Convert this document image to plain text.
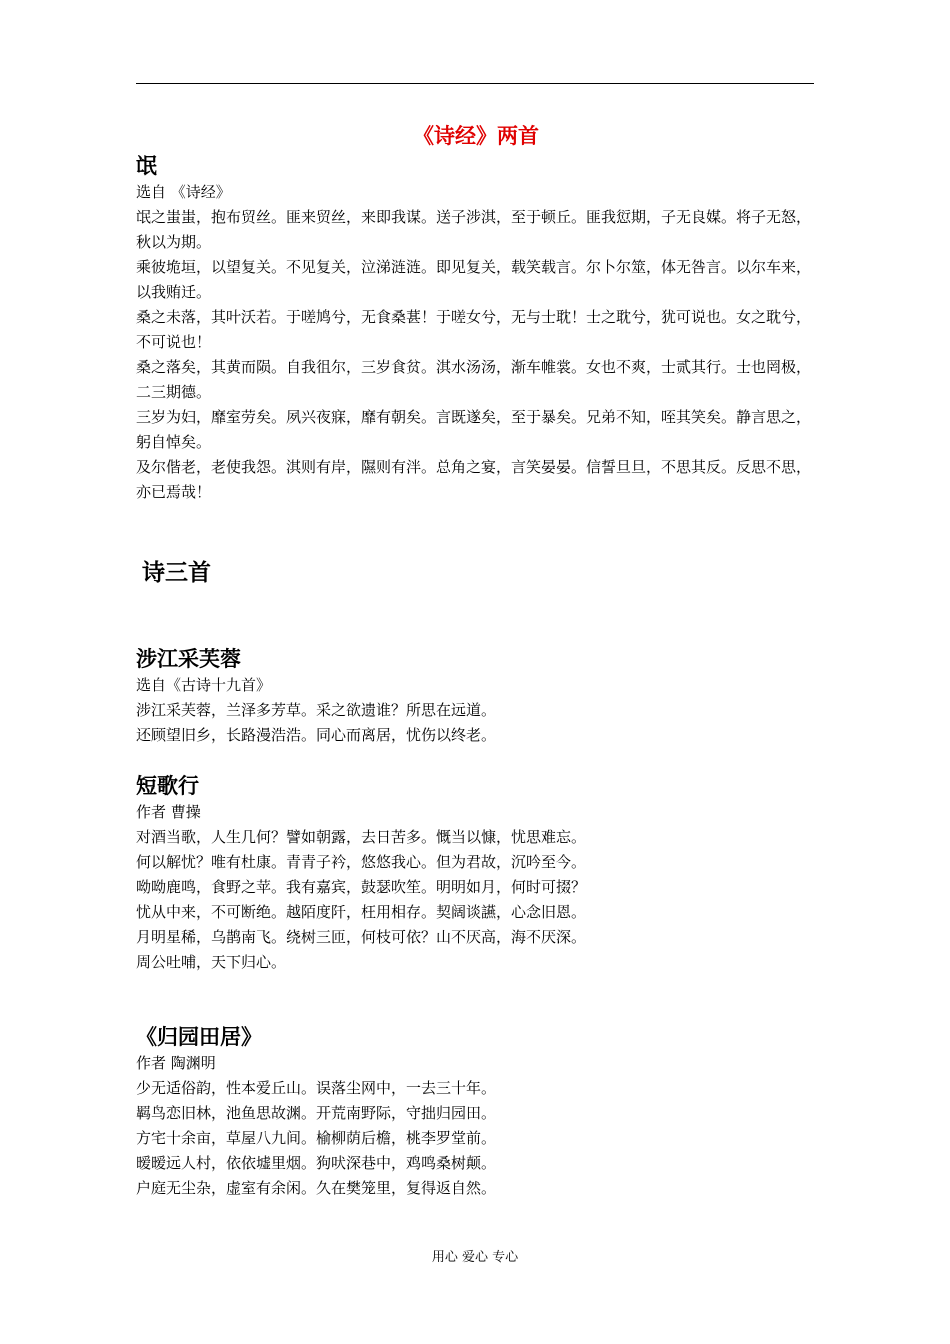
《诗经》两首
氓

选自 《诗经》

氓之蚩蚩，抱布贸丝。匪来贸丝，来即我谋。送子涉淇，至于顿丘。匪我愆期，子无良媒。将子无怒，秋以为期。

乘彼垝垣，以望复关。不见复关，泣涕涟涟。即见复关，载笑载言。尔卜尔筮，体无咎言。以尔车来，以我贿迁。

桑之未落，其叶沃若。于嗟鸠兮，无食桑葚！于嗟女兮，无与士耽！士之耽兮，犹可说也。女之耽兮，不可说也！

桑之落矣，其黄而陨。自我徂尔，三岁食贫。淇水汤汤，渐车帷裳。女也不爽，士贰其行。士也罔极，二三期德。

三岁为妇，靡室劳矣。夙兴夜寐，靡有朝矣。言既遂矣，至于暴矣。兄弟不知，咥其笑矣。静言思之，躬自悼矣。

及尔偕老，老使我怨。淇则有岸，隰则有泮。总角之宴，言笑晏晏。信誓旦旦，不思其反。反思不思，亦已焉哉！

诗三首
涉江采芙蓉

选自《古诗十九首》

涉江采芙蓉，兰泽多芳草。采之欲遗谁？所思在远道。

还顾望旧乡，长路漫浩浩。同心而离居，忧伤以终老。

短歌行

作者 曹操

对酒当歌，人生几何？譬如朝露，去日苦多。慨当以慷，忧思难忘。

何以解忧？唯有杜康。青青子衿，悠悠我心。但为君故，沉吟至今。

呦呦鹿鸣，食野之苹。我有嘉宾，鼓瑟吹笙。明明如月，何时可掇？

忧从中来，不可断绝。越陌度阡，枉用相存。契阔谈讌，心念旧恩。

月明星稀，乌鹊南飞。绕树三匝，何枝可依？山不厌高，海不厌深。

周公吐哺，天下归心。

《归园田居》

作者 陶渊明

少无适俗韵，性本爱丘山。误落尘网中，一去三十年。

羁鸟恋旧林，池鱼思故渊。开荒南野际，守拙归园田。

方宅十余亩，草屋八九间。榆柳荫后檐，桃李罗堂前。

暧暧远人村，依依墟里烟。狗吠深巷中，鸡鸣桑树颠。

户庭无尘杂，虚室有余闲。久在樊笼里，复得返自然。

用心 爱心 专心
